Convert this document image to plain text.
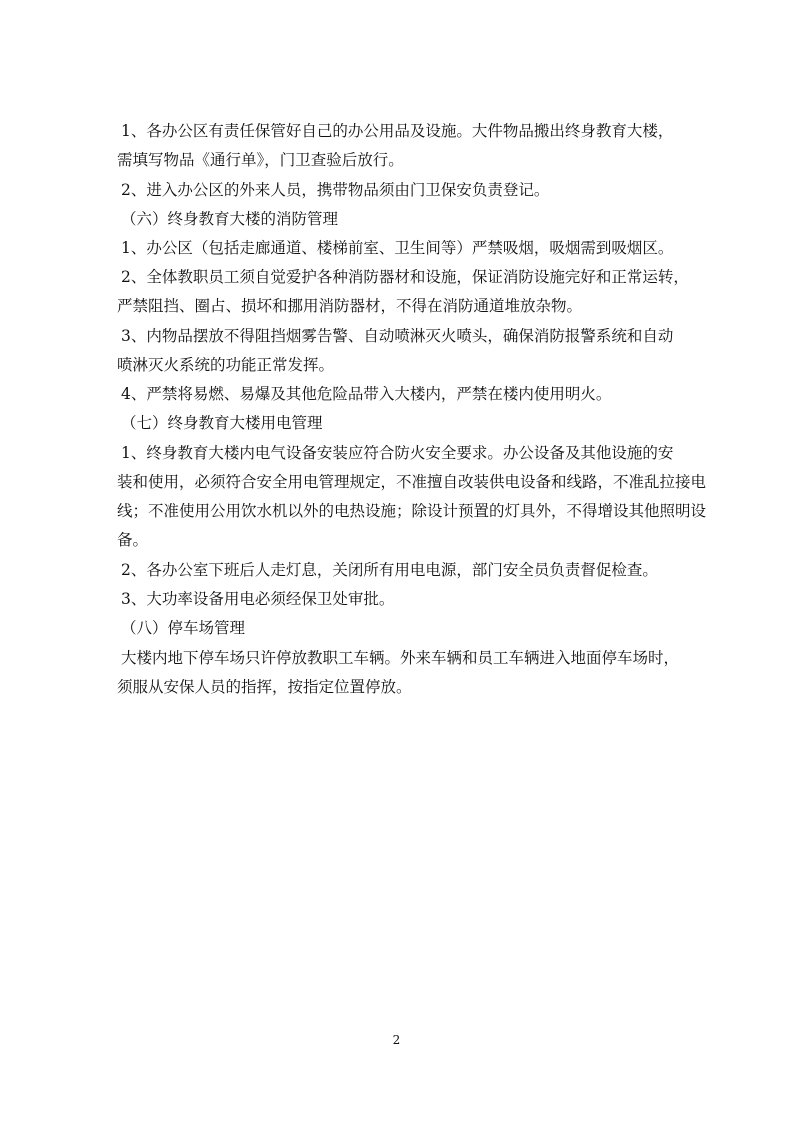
1、各办公区有责任保管好自己的办公用品及设施。大件物品搬出终身教育大楼，
需填写物品《通行单》，门卫查验后放行。
2、进入办公区的外来人员，携带物品须由门卫保安负责登记。
（六）终身教育大楼的消防管理
1、办公区（包括走廊通道、楼梯前室、卫生间等）严禁吸烟，吸烟需到吸烟区。
2、全体教职员工须自觉爱护各种消防器材和设施，保证消防设施完好和正常运转，
严禁阻挡、圈占、损坏和挪用消防器材，不得在消防通道堆放杂物。
3、内物品摆放不得阻挡烟雾告警、自动喷淋灭火喷头，确保消防报警系统和自动
喷淋灭火系统的功能正常发挥。
4、严禁将易燃、易爆及其他危险品带入大楼内，严禁在楼内使用明火。
（七）终身教育大楼用电管理
1、终身教育大楼内电气设备安装应符合防火安全要求。办公设备及其他设施的安
装和使用，必须符合安全用电管理规定，不准擅自改装供电设备和线路，不准乱拉接电
线；不准使用公用饮水机以外的电热设施；除设计预置的灯具外，不得增设其他照明设
备。
2、各办公室下班后人走灯息，关闭所有用电电源，部门安全员负责督促检查。
3、大功率设备用电必须经保卫处审批。
（八）停车场管理
大楼内地下停车场只许停放教职工车辆。外来车辆和员工车辆进入地面停车场时，
须服从安保人员的指挥，按指定位置停放。
2
